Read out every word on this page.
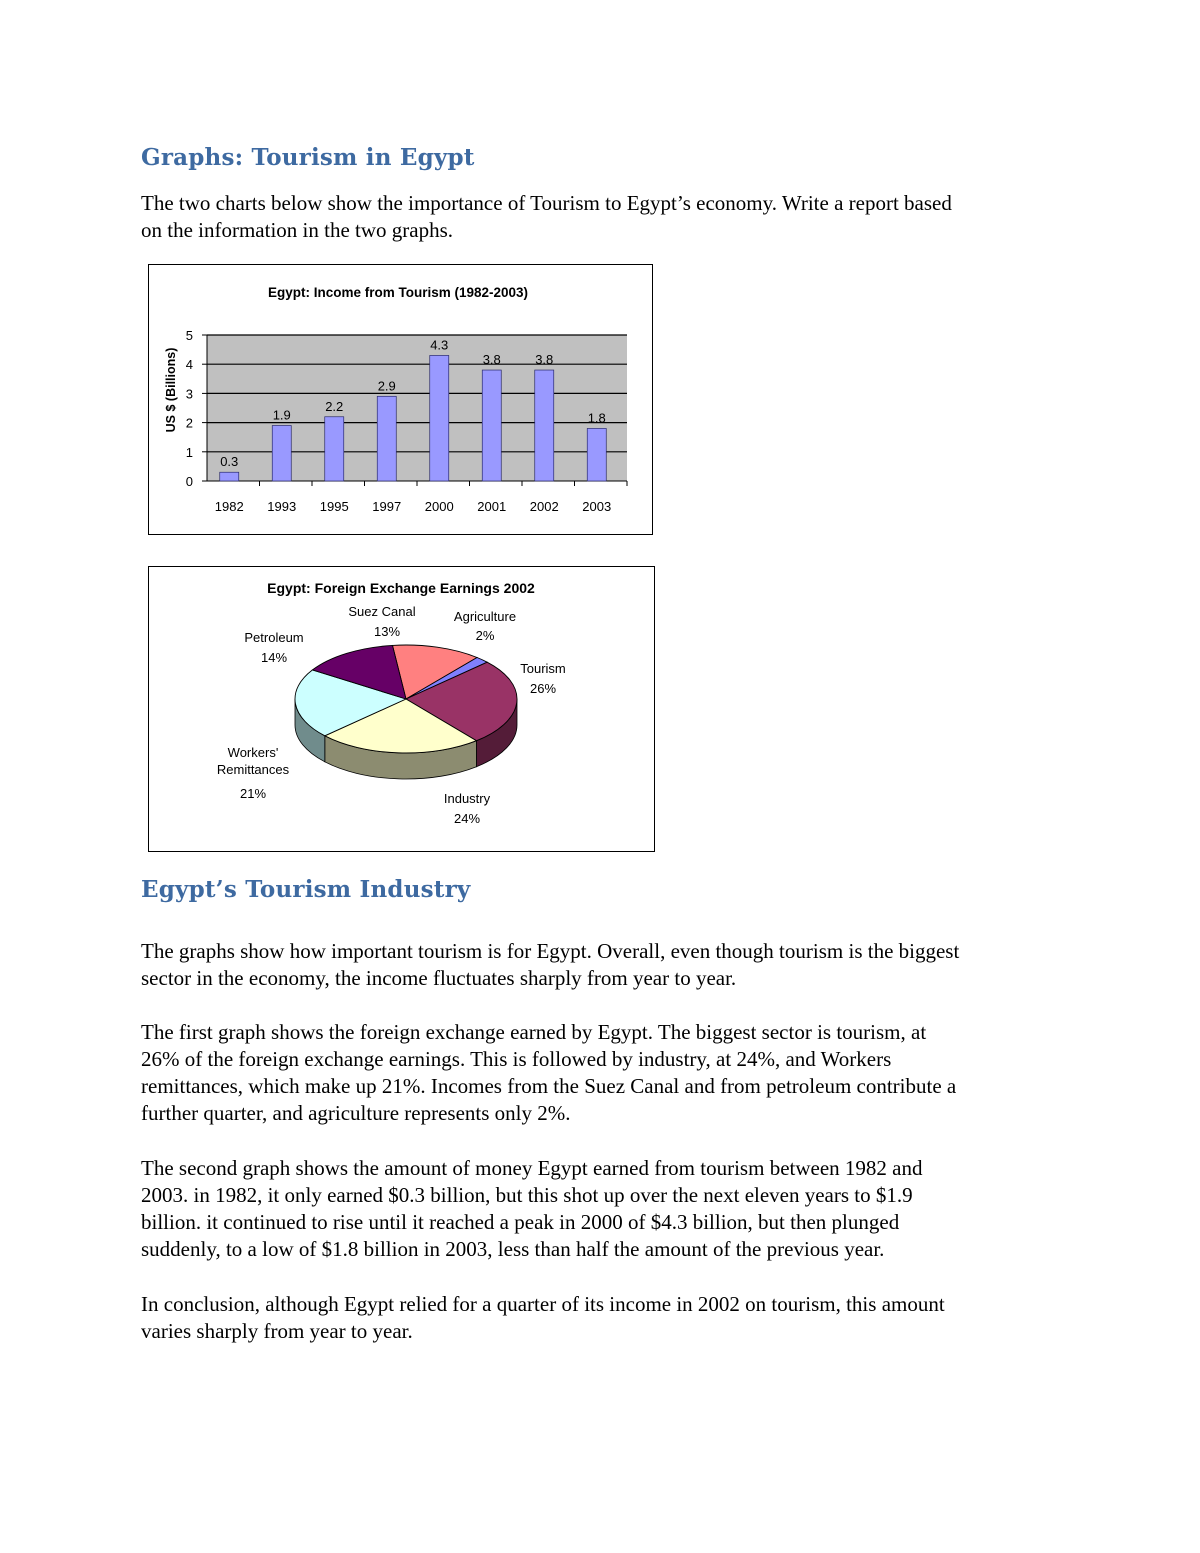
Graphs: Tourism in Egypt

The two charts below show the importance of Tourism to Egypt’s economy. Write a report based
on the information in the two graphs.

Egypt: Income from Tourism (1982-2003)
US $ (Billions)
0
1
2
3
4
5
0.3
1982
1.9
1993
2.2
1995
2.9
1997
4.3
2000
3.8
2001
3.8
2002
1.8
2003
Egypt: Foreign Exchange Earnings 2002
Suez Canal
13%
Agriculture
2%
Tourism
26%
Industry
24%
Workers' Remittances
21%
Petroleum
14%
Egypt’s Tourism Industry

The graphs show how important tourism is for Egypt. Overall, even though tourism is the biggest
sector in the economy, the income fluctuates sharply from year to year.

The first graph shows the foreign exchange earned by Egypt. The biggest sector is tourism, at
26% of the foreign exchange earnings. This is followed by industry, at 24%, and Workers
remittances, which make up 21%. Incomes from the Suez Canal and from petroleum contribute a
further quarter, and agriculture represents only 2%.

The second graph shows the amount of money Egypt earned from tourism between 1982 and
2003. in 1982, it only earned $0.3 billion, but this shot up over the next eleven years to $1.9
billion. it continued to rise until it reached a peak in 2000 of $4.3 billion, but then plunged
suddenly, to a low of $1.8 billion in 2003, less than half the amount of the previous year.

In conclusion, although Egypt relied for a quarter of its income in 2002 on tourism, this amount
varies sharply from year to year.
